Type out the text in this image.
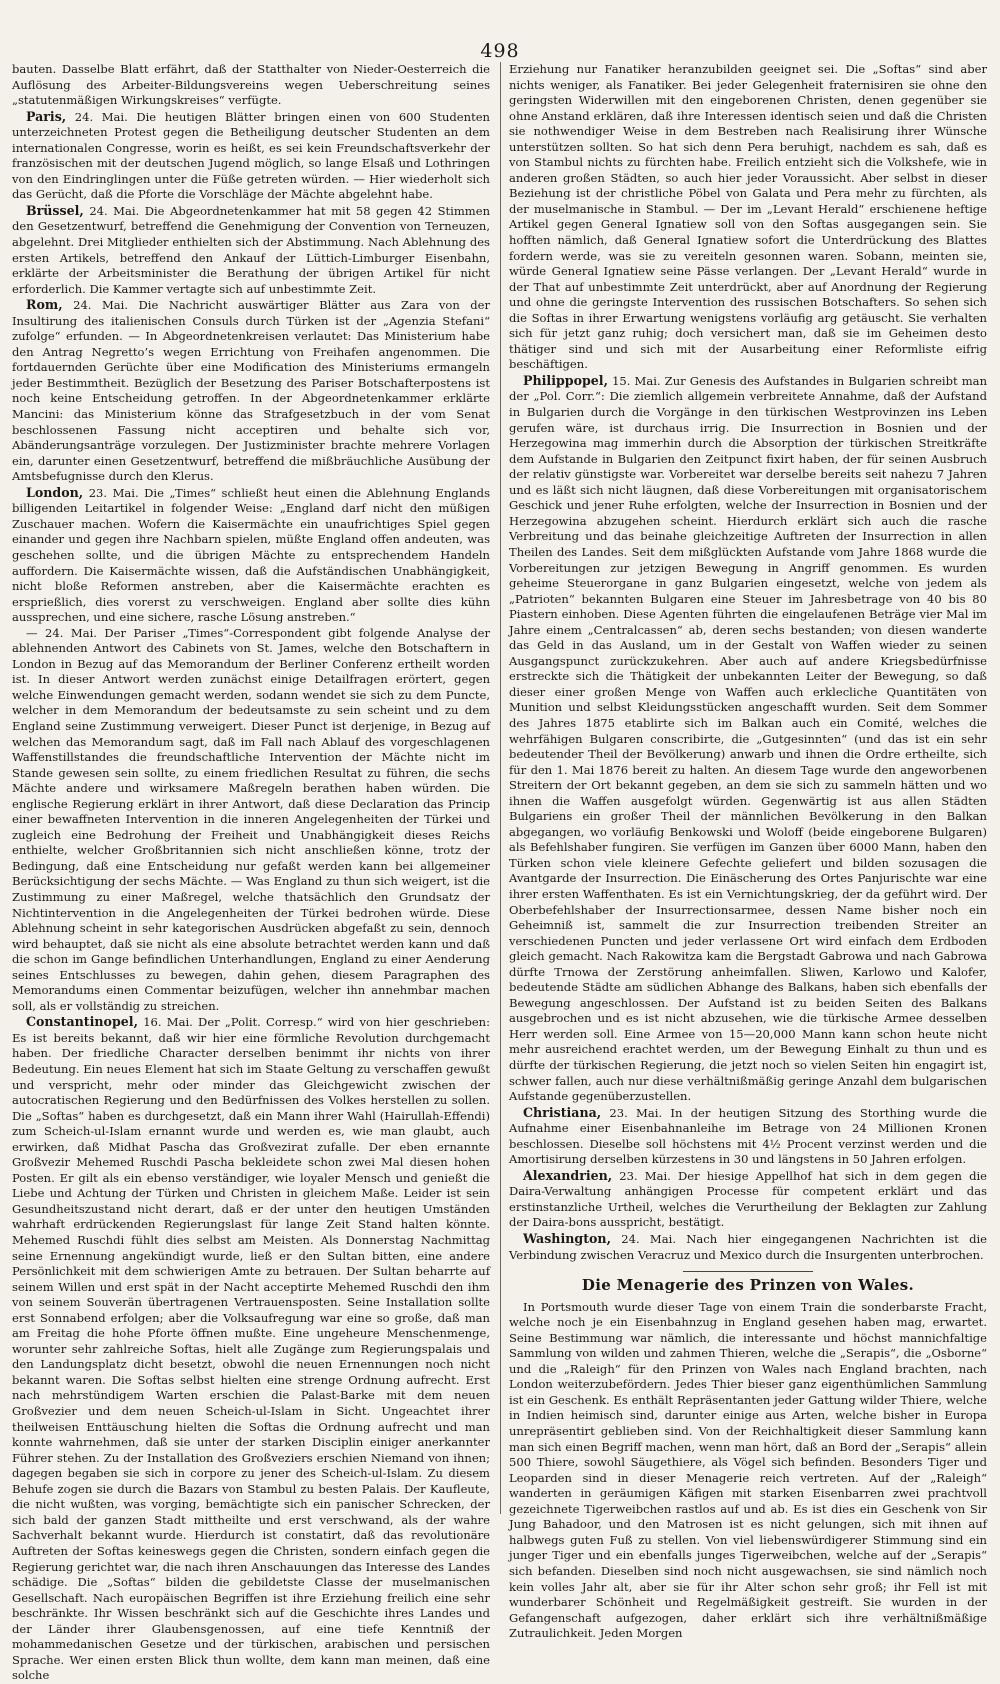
498

bauten. Dasselbe Blatt erfährt, daß der Statthalter von Nieder-Oesterreich die Auflösung des Arbeiter-Bildungsvereins wegen Ueberschreitung seines „statutenmäßigen Wirkungskreises“ verfügte.

Paris, 24. Mai. Die heutigen Blätter bringen einen von 600 Studenten unterzeichneten Protest gegen die Betheiligung deutscher Studenten an dem internationalen Congresse, worin es heißt, es sei kein Freundschaftsverkehr der französischen mit der deutschen Jugend möglich, so lange Elsaß und Lothringen von den Eindringlingen unter die Füße getreten würden. — Hier wiederholt sich das Gerücht, daß die Pforte die Vorschläge der Mächte abgelehnt habe.

Brüssel, 24. Mai. Die Abgeordnetenkammer hat mit 58 gegen 42 Stimmen den Gesetzentwurf, betreffend die Genehmigung der Convention von Terneuzen, abgelehnt. Drei Mitglieder enthielten sich der Abstimmung. Nach Ablehnung des ersten Artikels, betreffend den Ankauf der Lüttich-Limburger Eisenbahn, erklärte der Arbeitsminister die Berathung der übrigen Artikel für nicht erforderlich. Die Kammer vertagte sich auf unbestimmte Zeit.

Rom, 24. Mai. Die Nachricht auswärtiger Blätter aus Zara von der Insultirung des italienischen Consuls durch Türken ist der „Agenzia Stefani“ zufolge“ erfunden. — In Abgeordnetenkreisen verlautet: Das Ministerium habe den Antrag Negretto’s wegen Errichtung von Freihafen angenommen. Die fortdauernden Gerüchte über eine Modification des Ministeriums ermangeln jeder Bestimmtheit. Bezüglich der Besetzung des Pariser Botschafterpostens ist noch keine Entscheidung getroffen. In der Abgeordnetenkammer erklärte Mancini: das Ministerium könne das Strafgesetzbuch in der vom Senat beschlossenen Fassung nicht acceptiren und behalte sich vor, Abänderungsanträge vorzulegen. Der Justizminister brachte mehrere Vorlagen ein, darunter einen Gesetzentwurf, betreffend die mißbräuchliche Ausübung der Amtsbefugnisse durch den Klerus.

London, 23. Mai. Die „Times“ schließt heut einen die Ablehnung Englands billigenden Leitartikel in folgender Weise: „England darf nicht den müßigen Zuschauer machen. Wofern die Kaisermächte ein unaufrichtiges Spiel gegen einander und gegen ihre Nachbarn spielen, müßte England offen andeuten, was geschehen sollte, und die übrigen Mächte zu entsprechendem Handeln auffordern. Die Kaisermächte wissen, daß die Aufständischen Unabhängigkeit, nicht bloße Reformen anstreben, aber die Kaisermächte erachten es ersprießlich, dies vorerst zu verschweigen. England aber sollte dies kühn aussprechen, und eine sichere, rasche Lösung anstreben.“

— 24. Mai. Der Pariser „Times“-Correspondent gibt folgende Analyse der ablehnenden Antwort des Cabinets von St. James, welche den Botschaftern in London in Bezug auf das Memorandum der Berliner Conferenz ertheilt worden ist. In dieser Antwort werden zunächst einige Detailfragen erörtert, gegen welche Einwendungen gemacht werden, sodann wendet sie sich zu dem Puncte, welcher in dem Memorandum der bedeutsamste zu sein scheint und zu dem England seine Zustimmung verweigert. Dieser Punct ist derjenige, in Bezug auf welchen das Memorandum sagt, daß im Fall nach Ablauf des vorgeschlagenen Waffenstillstandes die freundschaftliche Intervention der Mächte nicht im Stande gewesen sein sollte, zu einem friedlichen Resultat zu führen, die sechs Mächte andere und wirksamere Maßregeln berathen haben würden. Die englische Regierung erklärt in ihrer Antwort, daß diese Declaration das Princip einer bewaffneten Intervention in die inneren Angelegenheiten der Türkei und zugleich eine Bedrohung der Freiheit und Unabhängigkeit dieses Reichs enthielte, welcher Großbritannien sich nicht anschließen könne, trotz der Bedingung, daß eine Entscheidung nur gefaßt werden kann bei allgemeiner Berücksichtigung der sechs Mächte. — Was England zu thun sich weigert, ist die Zustimmung zu einer Maßregel, welche thatsächlich den Grundsatz der Nichtintervention in die Angelegenheiten der Türkei bedrohen würde. Diese Ablehnung scheint in sehr kategorischen Ausdrücken abgefaßt zu sein, dennoch wird behauptet, daß sie nicht als eine absolute betrachtet werden kann und daß die schon im Gange befindlichen Unterhandlungen, England zu einer Aenderung seines Entschlusses zu bewegen, dahin gehen, diesem Paragraphen des Memorandums einen Commentar beizufügen, welcher ihn annehmbar machen soll, als er vollständig zu streichen.

Constantinopel, 16. Mai. Der „Polit. Corresp.“ wird von hier geschrieben: Es ist bereits bekannt, daß wir hier eine förmliche Revolution durchgemacht haben. Der friedliche Character derselben benimmt ihr nichts von ihrer Bedeutung. Ein neues Element hat sich im Staate Geltung zu verschaffen gewußt und verspricht, mehr oder minder das Gleichgewicht zwischen der autocratischen Regierung und den Bedürfnissen des Volkes herstellen zu sollen. Die „Softas“ haben es durchgesetzt, daß ein Mann ihrer Wahl (Hairullah-Effendi) zum Scheich-ul-Islam ernannt wurde und werden es, wie man glaubt, auch erwirken, daß Midhat Pascha das Großvezirat zufalle. Der eben ernannte Großvezir Mehemed Ruschdi Pascha bekleidete schon zwei Mal diesen hohen Posten. Er gilt als ein ebenso verständiger, wie loyaler Mensch und genießt die Liebe und Achtung der Türken und Christen in gleichem Maße. Leider ist sein Gesundheitszustand nicht derart, daß er der unter den heutigen Umständen wahrhaft erdrückenden Regierungslast für lange Zeit Stand halten könnte. Mehemed Ruschdi fühlt dies selbst am Meisten. Als Donnerstag Nachmittag seine Ernennung angekündigt wurde, ließ er den Sultan bitten, eine andere Persönlichkeit mit dem schwierigen Amte zu betrauen. Der Sultan beharrte auf seinem Willen und erst spät in der Nacht acceptirte Mehemed Ruschdi den ihm von seinem Souverän übertragenen Vertrauensposten. Seine Installation sollte erst Sonnabend erfolgen; aber die Volksaufregung war eine so große, daß man am Freitag die hohe Pforte öffnen mußte. Eine ungeheure Menschenmenge, worunter sehr zahlreiche Softas, hielt alle Zugänge zum Regierungspalais und den Landungsplatz dicht besetzt, obwohl die neuen Ernennungen noch nicht bekannt waren. Die Softas selbst hielten eine strenge Ordnung aufrecht. Erst nach mehrstündigem Warten erschien die Palast-Barke mit dem neuen Großvezier und dem neuen Scheich-ul-Islam in Sicht. Ungeachtet ihrer theilweisen Enttäuschung hielten die Softas die Ordnung aufrecht und man konnte wahrnehmen, daß sie unter der starken Disciplin einiger anerkannter Führer stehen. Zu der Installation des Großveziers erschien Niemand von ihnen; dagegen begaben sie sich in corpore zu jener des Scheich-ul-Islam. Zu diesem Behufe zogen sie durch die Bazars von Stambul zu besten Palais. Der Kaufleute, die nicht wußten, was vorging, bemächtigte sich ein panischer Schrecken, der sich bald der ganzen Stadt mittheilte und erst verschwand, als der wahre Sachverhalt bekannt wurde. Hierdurch ist constatirt, daß das revolutionäre Auftreten der Softas keineswegs gegen die Christen, sondern einfach gegen die Regierung gerichtet war, die nach ihren Anschauungen das Interesse des Landes schädige. Die „Softas“ bilden die gebildetste Classe der muselmanischen Gesellschaft. Nach europäischen Begriffen ist ihre Erziehung freilich eine sehr beschränkte. Ihr Wissen beschränkt sich auf die Geschichte ihres Landes und der Länder ihrer Glaubensgenossen, auf eine tiefe Kenntniß der mohammedanischen Gesetze und der türkischen, arabischen und persischen Sprache. Wer einen ersten Blick thun wollte, dem kann man meinen, daß eine solche

Erziehung nur Fanatiker heranzubilden geeignet sei. Die „Softas“ sind aber nichts weniger, als Fanatiker. Bei jeder Gelegenheit fraternisiren sie ohne den geringsten Widerwillen mit den eingeborenen Christen, denen gegenüber sie ohne Anstand erklären, daß ihre Interessen identisch seien und daß die Christen sie nothwendiger Weise in dem Bestreben nach Realisirung ihrer Wünsche unterstützen sollten. So hat sich denn Pera beruhigt, nachdem es sah, daß es von Stambul nichts zu fürchten habe. Freilich entzieht sich die Volkshefe, wie in anderen großen Städten, so auch hier jeder Voraussicht. Aber selbst in dieser Beziehung ist der christliche Pöbel von Galata und Pera mehr zu fürchten, als der muselmanische in Stambul. — Der im „Levant Herald“ erschienene heftige Artikel gegen General Ignatiew soll von den Softas ausgegangen sein. Sie hofften nämlich, daß General Ignatiew sofort die Unterdrückung des Blattes fordern werde, was sie zu vereiteln gesonnen waren. Sobann, meinten sie, würde General Ignatiew seine Pässe verlangen. Der „Levant Herald“ wurde in der That auf unbestimmte Zeit unterdrückt, aber auf Anordnung der Regierung und ohne die geringste Intervention des russischen Botschafters. So sehen sich die Softas in ihrer Erwartung wenigstens vorläufig arg getäuscht. Sie verhalten sich für jetzt ganz ruhig; doch versichert man, daß sie im Geheimen desto thätiger sind und sich mit der Ausarbeitung einer Reformliste eifrig beschäftigen.

Philippopel, 15. Mai. Zur Genesis des Aufstandes in Bulgarien schreibt man der „Pol. Corr.“: Die ziemlich allgemein verbreitete Annahme, daß der Aufstand in Bulgarien durch die Vorgänge in den türkischen Westprovinzen ins Leben gerufen wäre, ist durchaus irrig. Die Insurrection in Bosnien und der Herzegowina mag immerhin durch die Absorption der türkischen Streitkräfte dem Aufstande in Bulgarien den Zeitpunct fixirt haben, der für seinen Ausbruch der relativ günstigste war. Vorbereitet war derselbe bereits seit nahezu 7 Jahren und es läßt sich nicht läugnen, daß diese Vorbereitungen mit organisatorischem Geschick und jener Ruhe erfolgten, welche der Insurrection in Bosnien und der Herzegowina abzugehen scheint. Hierdurch erklärt sich auch die rasche Verbreitung und das beinahe gleichzeitige Auftreten der Insurrection in allen Theilen des Landes. Seit dem mißglückten Aufstande vom Jahre 1868 wurde die Vorbereitungen zur jetzigen Bewegung in Angriff genommen. Es wurden geheime Steuerorgane in ganz Bulgarien eingesetzt, welche von jedem als „Patrioten“ bekannten Bulgaren eine Steuer im Jahresbetrage von 40 bis 80 Piastern einhoben. Diese Agenten führten die eingelaufenen Beträge vier Mal im Jahre einem „Centralcassen“ ab, deren sechs bestanden; von diesen wanderte das Geld in das Ausland, um in der Gestalt von Waffen wieder zu seinen Ausgangspunct zurückzukehren. Aber auch auf andere Kriegsbedürfnisse erstreckte sich die Thätigkeit der unbekannten Leiter der Bewegung, so daß dieser einer großen Menge von Waffen auch erklecliche Quantitäten von Munition und selbst Kleidungsstücken angeschafft wurden. Seit dem Sommer des Jahres 1875 etablirte sich im Balkan auch ein Comité, welches die wehrfähigen Bulgaren conscribirte, die „Gutgesinnten“ (und das ist ein sehr bedeutender Theil der Bevölkerung) anwarb und ihnen die Ordre ertheilte, sich für den 1. Mai 1876 bereit zu halten. An diesem Tage wurde den angeworbenen Streitern der Ort bekannt gegeben, an dem sie sich zu sammeln hätten und wo ihnen die Waffen ausgefolgt würden. Gegenwärtig ist aus allen Städten Bulgariens ein großer Theil der männlichen Bevölkerung in den Balkan abgegangen, wo vorläufig Benkowski und Woloff (beide eingeborene Bulgaren) als Befehlshaber fungiren. Sie verfügen im Ganzen über 6000 Mann, haben den Türken schon viele kleinere Gefechte geliefert und bilden sozusagen die Avantgarde der Insurrection. Die Einäscherung des Ortes Panjurischte war eine ihrer ersten Waffenthaten. Es ist ein Vernichtungskrieg, der da geführt wird. Der Oberbefehlshaber der Insurrectionsarmee, dessen Name bisher noch ein Geheimniß ist, sammelt die zur Insurrection treibenden Streiter an verschiedenen Puncten und jeder verlassene Ort wird einfach dem Erdboden gleich gemacht. Nach Rakowitza kam die Bergstadt Gabrowa und nach Gabrowa dürfte Trnowa der Zerstörung anheimfallen. Sliwen, Karlowo und Kalofer, bedeutende Städte am südlichen Abhange des Balkans, haben sich ebenfalls der Bewegung angeschlossen. Der Aufstand ist zu beiden Seiten des Balkans ausgebrochen und es ist nicht abzusehen, wie die türkische Armee desselben Herr werden soll. Eine Armee von 15—20,000 Mann kann schon heute nicht mehr ausreichend erachtet werden, um der Bewegung Einhalt zu thun und es dürfte der türkischen Regierung, die jetzt noch so vielen Seiten hin engagirt ist, schwer fallen, auch nur diese verhältnißmäßig geringe Anzahl dem bulgarischen Aufstande gegenüberzustellen.

Christiana, 23. Mai. In der heutigen Sitzung des Storthing wurde die Aufnahme einer Eisenbahnanleihe im Betrage von 24 Millionen Kronen beschlossen. Dieselbe soll höchstens mit 4½ Procent verzinst werden und die Amortisirung derselben kürzestens in 30 und längstens in 50 Jahren erfolgen.

Alexandrien, 23. Mai. Der hiesige Appellhof hat sich in dem gegen die Daira-Verwaltung anhängigen Processe für competent erklärt und das erstinstanzliche Urtheil, welches die Verurtheilung der Beklagten zur Zahlung der Daira-bons ausspricht, bestätigt.

Washington, 24. Mai. Nach hier eingegangenen Nachrichten ist die Verbindung zwischen Veracruz und Mexico durch die Insurgenten unterbrochen.

Die Menagerie des Prinzen von Wales.

In Portsmouth wurde dieser Tage von einem Train die sonderbarste Fracht, welche noch je ein Eisenbahnzug in England gesehen haben mag, erwartet. Seine Bestimmung war nämlich, die interessante und höchst mannichfaltige Sammlung von wilden und zahmen Thieren, welche die „Serapis“, die „Osborne“ und die „Raleigh“ für den Prinzen von Wales nach England brachten, nach London weiterzubefördern. Jedes Thier bieser ganz eigenthümlichen Sammlung ist ein Geschenk. Es enthält Repräsentanten jeder Gattung wilder Thiere, welche in Indien heimisch sind, darunter einige aus Arten, welche bisher in Europa unrepräsentirt geblieben sind. Von der Reichhaltigkeit dieser Sammlung kann man sich einen Begriff machen, wenn man hört, daß an Bord der „Serapis“ allein 500 Thiere, sowohl Säugethiere, als Vögel sich befinden. Besonders Tiger und Leoparden sind in dieser Menagerie reich vertreten. Auf der „Raleigh“ wanderten in geräumigen Käfigen mit starken Eisenbarren zwei prachtvoll gezeichnete Tigerweibchen rastlos auf und ab. Es ist dies ein Geschenk von Sir Jung Bahadoor, und den Matrosen ist es nicht gelungen, sich mit ihnen auf halbwegs guten Fuß zu stellen. Von viel liebenswürdigerer Stimmung sind ein junger Tiger und ein ebenfalls junges Tigerweibchen, welche auf der „Serapis“ sich befanden. Dieselben sind noch nicht ausgewachsen, sie sind nämlich noch kein volles Jahr alt, aber sie für ihr Alter schon sehr groß; ihr Fell ist mit wunderbarer Schönheit und Regelmäßigkeit gestreift. Sie wurden in der Gefangenschaft aufgezogen, daher erklärt sich ihre verhältnißmäßige Zutraulichkeit. Jeden Morgen
